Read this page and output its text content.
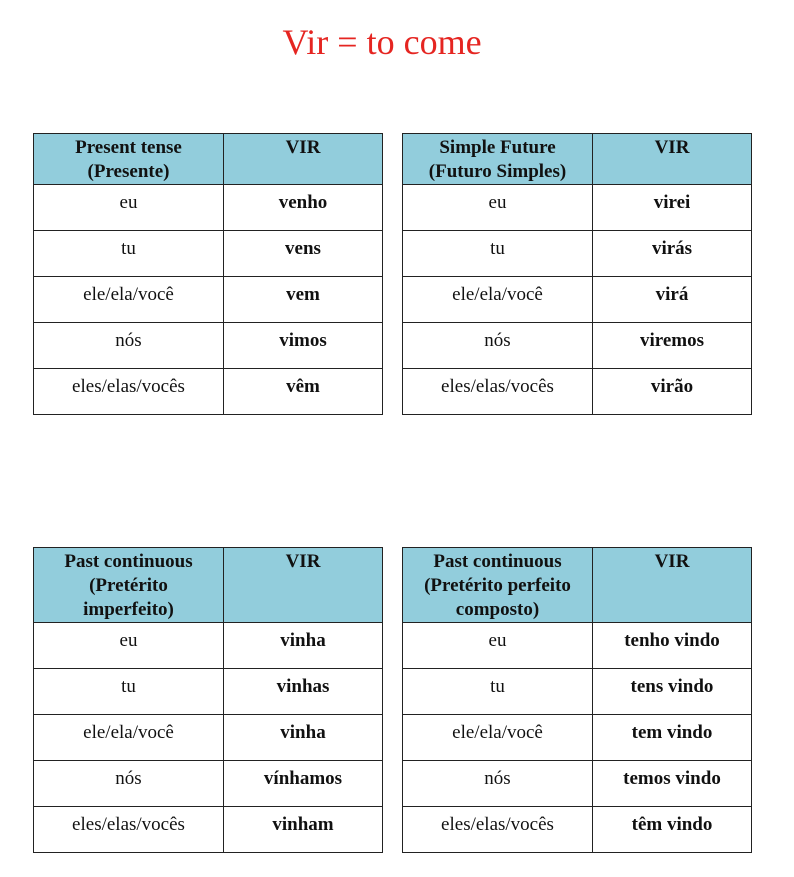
Vir = to come
Present tense
(Presente)	VIR
eu	venho
tu	vens
ele/ela/você	vem
nós	vimos
eles/elas/vocês	vêm
Simple Future
(Futuro Simples)	VIR
eu	virei
tu	virás
ele/ela/você	virá
nós	viremos
eles/elas/vocês	virão
Past continuous
(Pretérito
imperfeito)	VIR
eu	vinha
tu	vinhas
ele/ela/você	vinha
nós	vínhamos
eles/elas/vocês	vinham
Past continuous
(Pretérito perfeito
composto)	VIR
eu	tenho vindo
tu	tens vindo
ele/ela/você	tem vindo
nós	temos vindo
eles/elas/vocês	têm vindo
